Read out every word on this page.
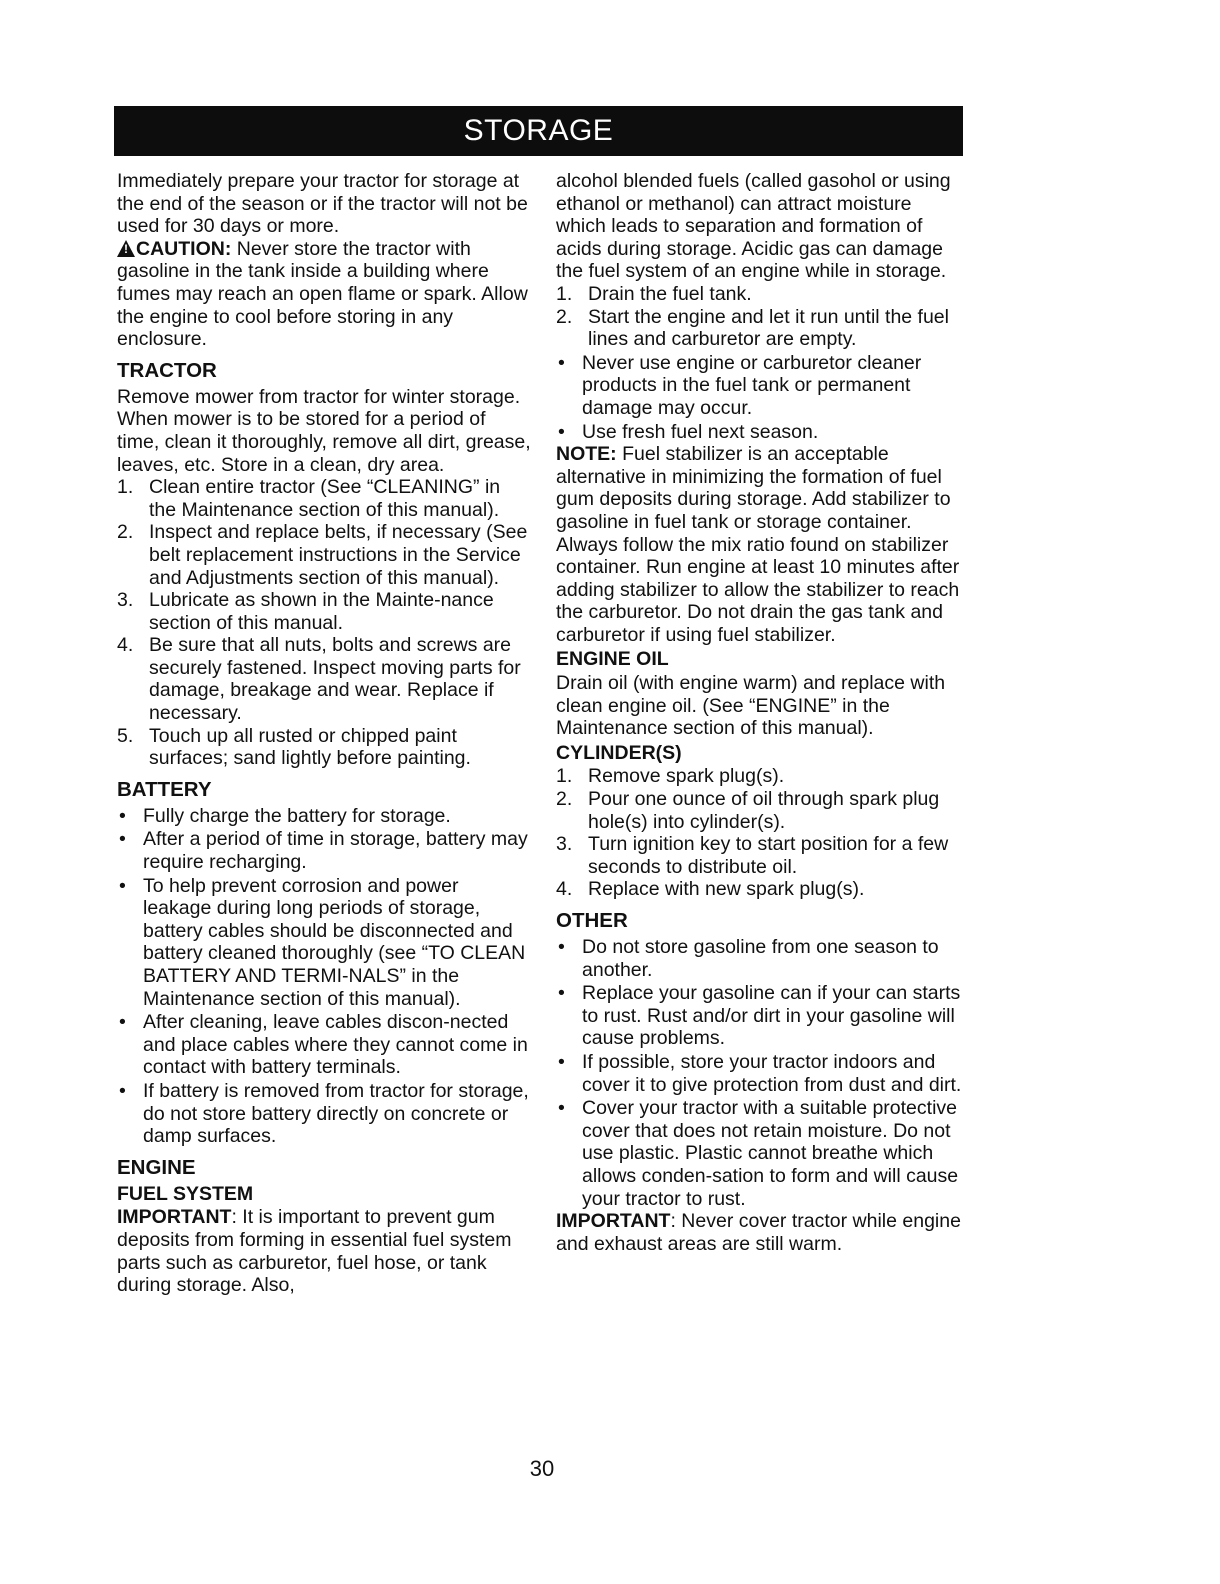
STORAGE

Immediately prepare your tractor for storage at the end of the season or if the tractor will not be used for 30 days or more.

!CAUTION: Never store the tractor with gasoline in the tank inside a building where fumes may reach an open flame or spark. Allow the engine to cool before storing in any enclosure.

TRACTOR

Remove mower from tractor for winter storage. When mower is to be stored for a period of time, clean it thoroughly, remove all dirt, grease, leaves, etc. Store in a clean, dry area.

1. Clean entire tractor (See “CLEANING” in the Maintenance section of this manual).
2. Inspect and replace belts, if necessary (See belt replacement instructions in the Service and Adjustments section of this manual).
3. Lubricate as shown in the Mainte-nance section of this manual.
4. Be sure that all nuts, bolts and screws are securely fastened. Inspect moving parts for damage, breakage and wear. Replace if necessary.
5. Touch up all rusted or chipped paint surfaces; sand lightly before painting.
BATTERY
• Fully charge the battery for storage.
• After a period of time in storage, battery may require recharging.
• To help prevent corrosion and power leakage during long periods of storage, battery cables should be disconnected and battery cleaned thoroughly (see “TO CLEAN BATTERY AND TERMI-NALS” in the Maintenance section of this manual).
• After cleaning, leave cables discon-nected and place cables where they cannot come in contact with battery terminals.
• If battery is removed from tractor for storage, do not store battery directly on concrete or damp surfaces.
ENGINE
FUEL SYSTEM

IMPORTANT: It is important to prevent gum deposits from forming in essential fuel system parts such as carburetor, fuel hose, or tank during storage. Also,

alcohol blended fuels (called gasohol or using ethanol or methanol) can attract moisture which leads to separation and formation of acids during storage. Acidic gas can damage the fuel system of an engine while in storage.

1. Drain the fuel tank.
2. Start the engine and let it run until the fuel lines and carburetor are empty.
• Never use engine or carburetor cleaner products in the fuel tank or permanent damage may occur.
• Use fresh fuel next season.

NOTE: Fuel stabilizer is an acceptable alternative in minimizing the formation of fuel gum deposits during storage. Add stabilizer to gasoline in fuel tank or storage container. Always follow the mix ratio found on stabilizer container. Run engine at least 10 minutes after adding stabilizer to allow the stabilizer to reach the carburetor. Do not drain the gas tank and carburetor if using fuel stabilizer.

ENGINE OIL

Drain oil (with engine warm) and replace with clean engine oil. (See “ENGINE” in the Maintenance section of this manual).

CYLINDER(S)
1. Remove spark plug(s).
2. Pour one ounce of oil through spark plug hole(s) into cylinder(s).
3. Turn ignition key to start position for a few seconds to distribute oil.
4. Replace with new spark plug(s).
OTHER
• Do not store gasoline from one season to another.
• Replace your gasoline can if your can starts to rust. Rust and/or dirt in your gasoline will cause problems.
• If possible, store your tractor indoors and cover it to give protection from dust and dirt.
• Cover your tractor with a suitable protective cover that does not retain moisture. Do not use plastic. Plastic cannot breathe which allows conden-sation to form and will cause your tractor to rust.

IMPORTANT: Never cover tractor while engine and exhaust areas are still warm.

30
